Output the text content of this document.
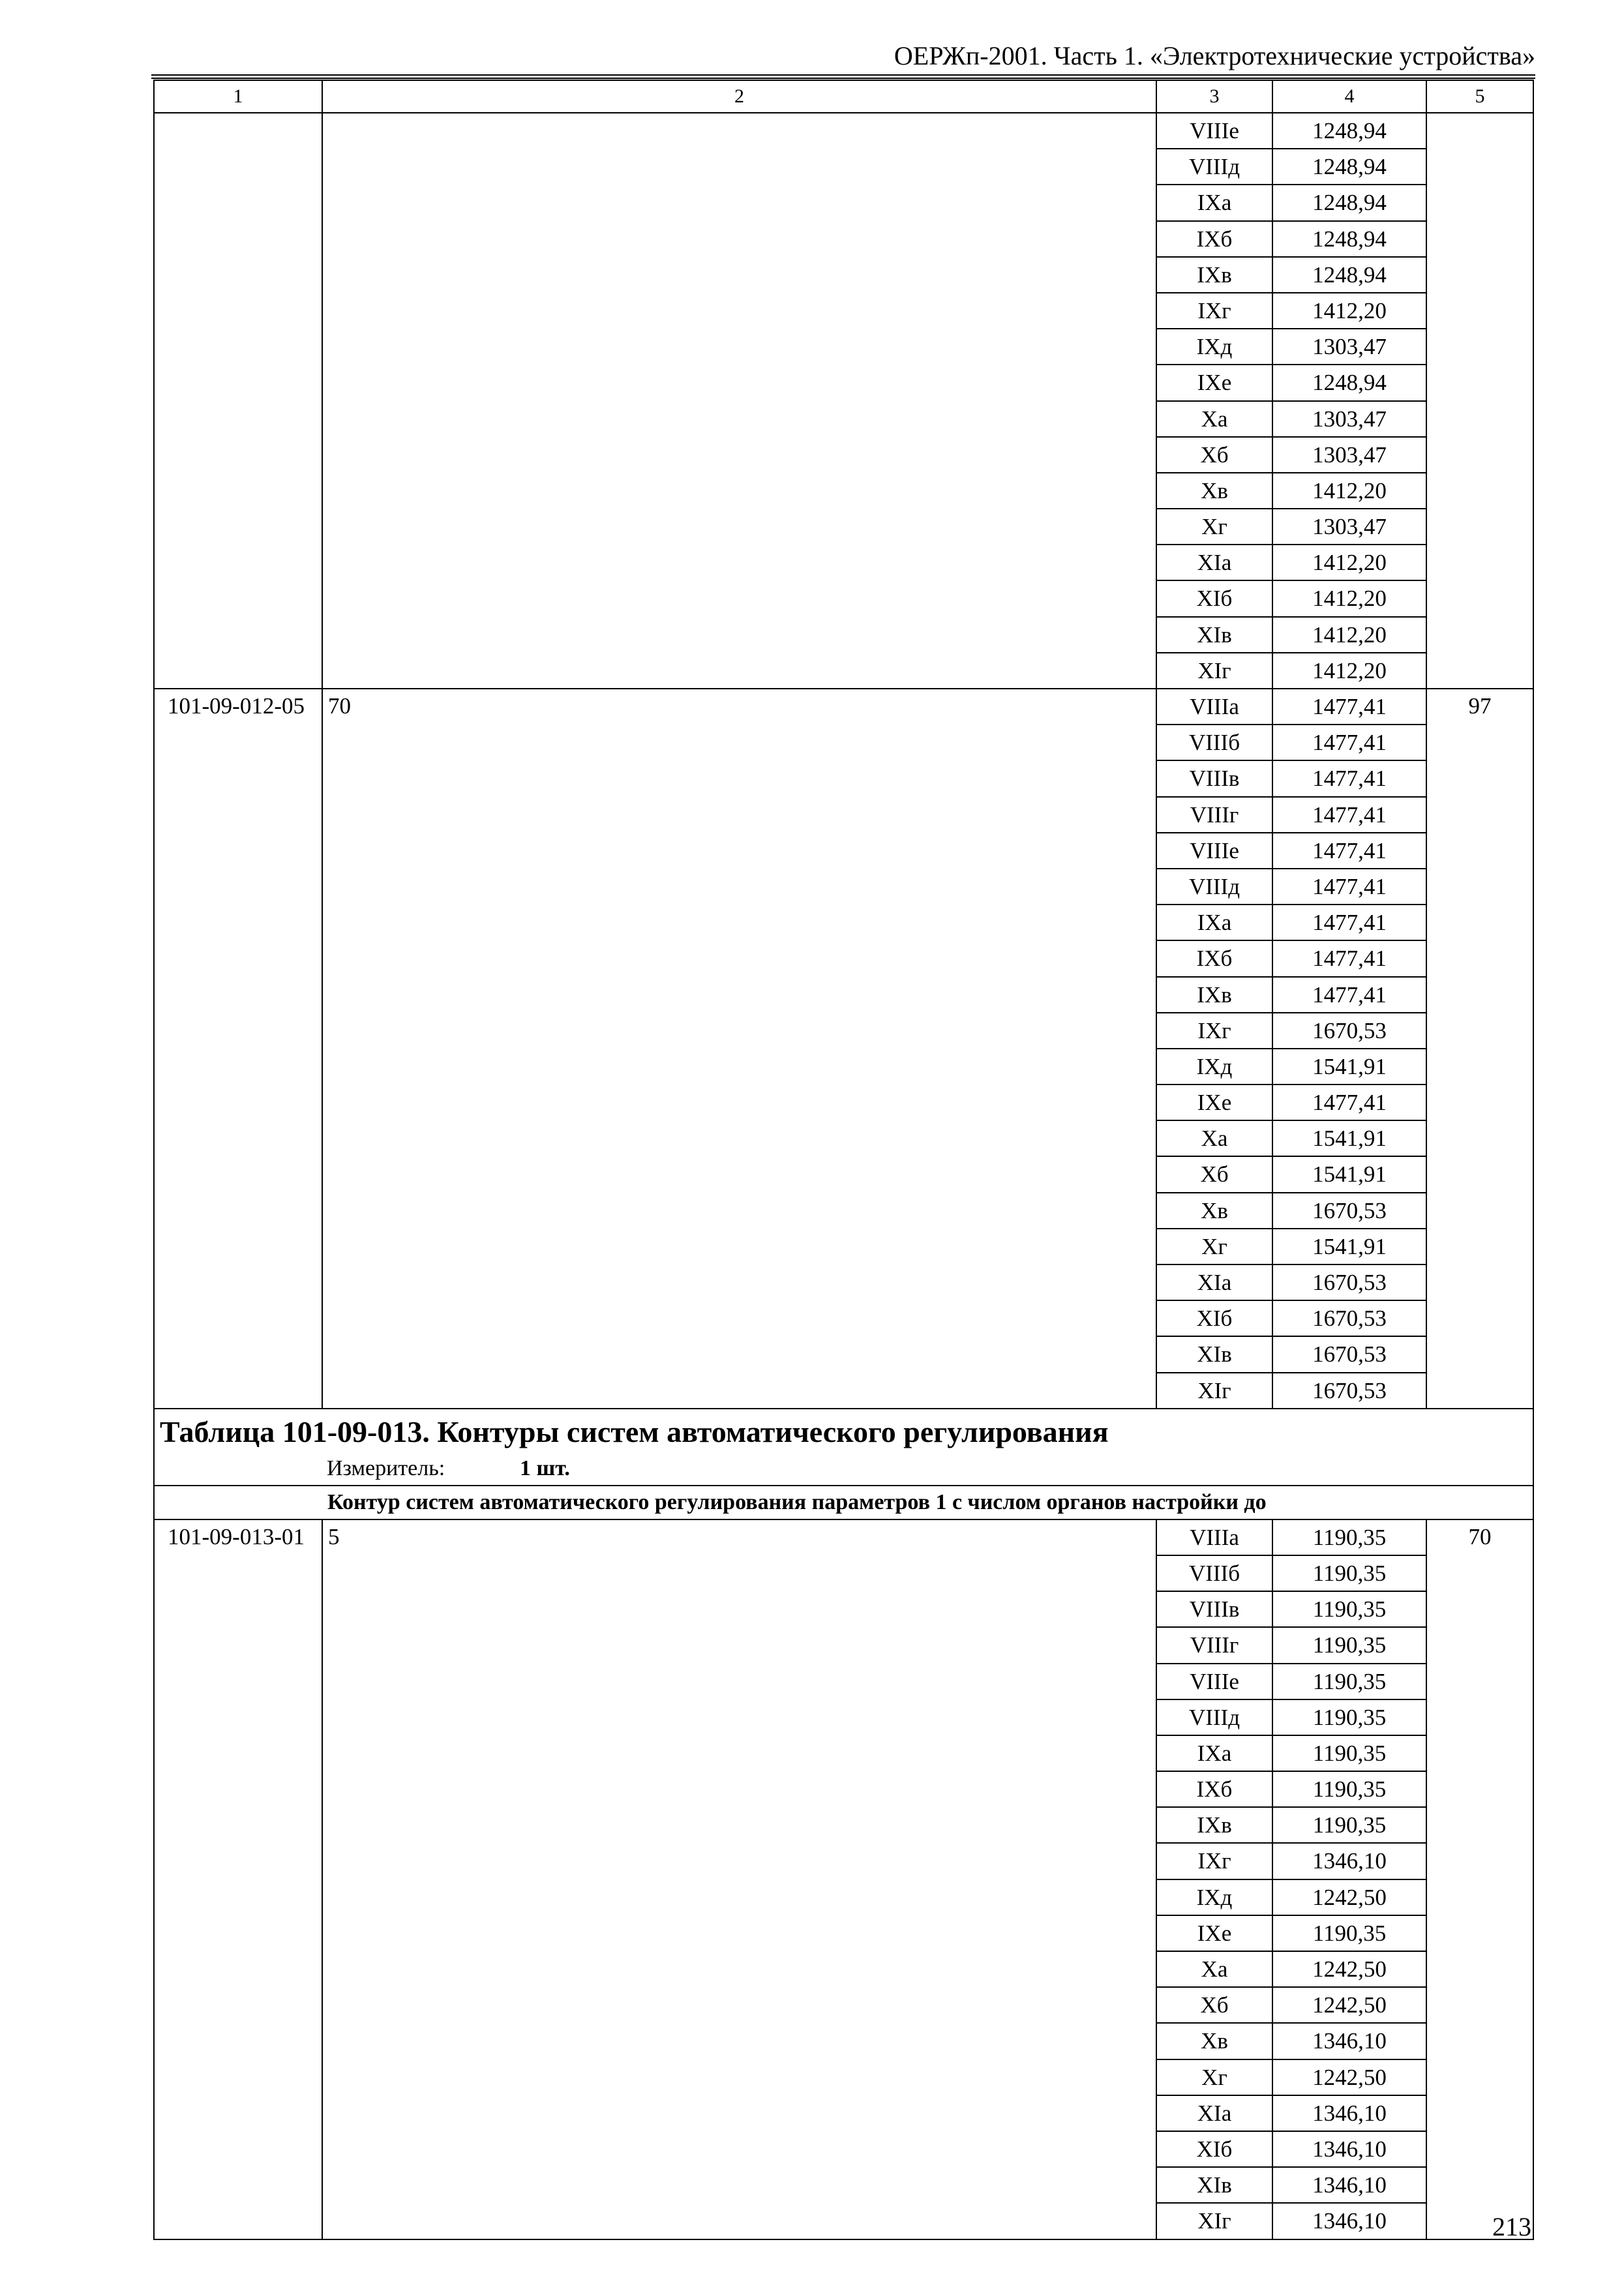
ОЕРЖп-2001. Часть 1. «Электротехнические устройства»
1	2	3	4	5
		VIIIе	1248,94	
		VIIIд	1248,94	
		IXа	1248,94	
		IXб	1248,94	
		IXв	1248,94	
		IXг	1412,20	
		IXд	1303,47	
		IXе	1248,94	
		Xа	1303,47	
		Xб	1303,47	
		Xв	1412,20	
		Xг	1303,47	
		XIа	1412,20	
		XIб	1412,20	
		XIв	1412,20	
		XIг	1412,20	
101-09-012-05	70	VIIIа	1477,41	97
		VIIIб	1477,41	
		VIIIв	1477,41	
		VIIIг	1477,41	
		VIIIе	1477,41	
		VIIIд	1477,41	
		IXа	1477,41	
		IXб	1477,41	
		IXв	1477,41	
		IXг	1670,53	
		IXд	1541,91	
		IXе	1477,41	
		Xа	1541,91	
		Xб	1541,91	
		Xв	1670,53	
		Xг	1541,91	
		XIа	1670,53	
		XIб	1670,53	
		XIв	1670,53	
		XIг	1670,53	

Таблица 101-09-013. Контуры систем автоматического регулирования
Измеритель: 1 шт.				

Контур систем автоматического регулирования параметров 1 с числом органов настройки до				
101-09-013-01	5	VIIIа	1190,35	70
		VIIIб	1190,35	
		VIIIв	1190,35	
		VIIIг	1190,35	
		VIIIе	1190,35	
		VIIIд	1190,35	
		IXа	1190,35	
		IXб	1190,35	
		IXв	1190,35	
		IXг	1346,10	
		IXд	1242,50	
		IXе	1190,35	
		Xа	1242,50	
		Xб	1242,50	
		Xв	1346,10	
		Xг	1242,50	
		XIа	1346,10	
		XIб	1346,10	
		XIв	1346,10	
		XIг	1346,10		213
